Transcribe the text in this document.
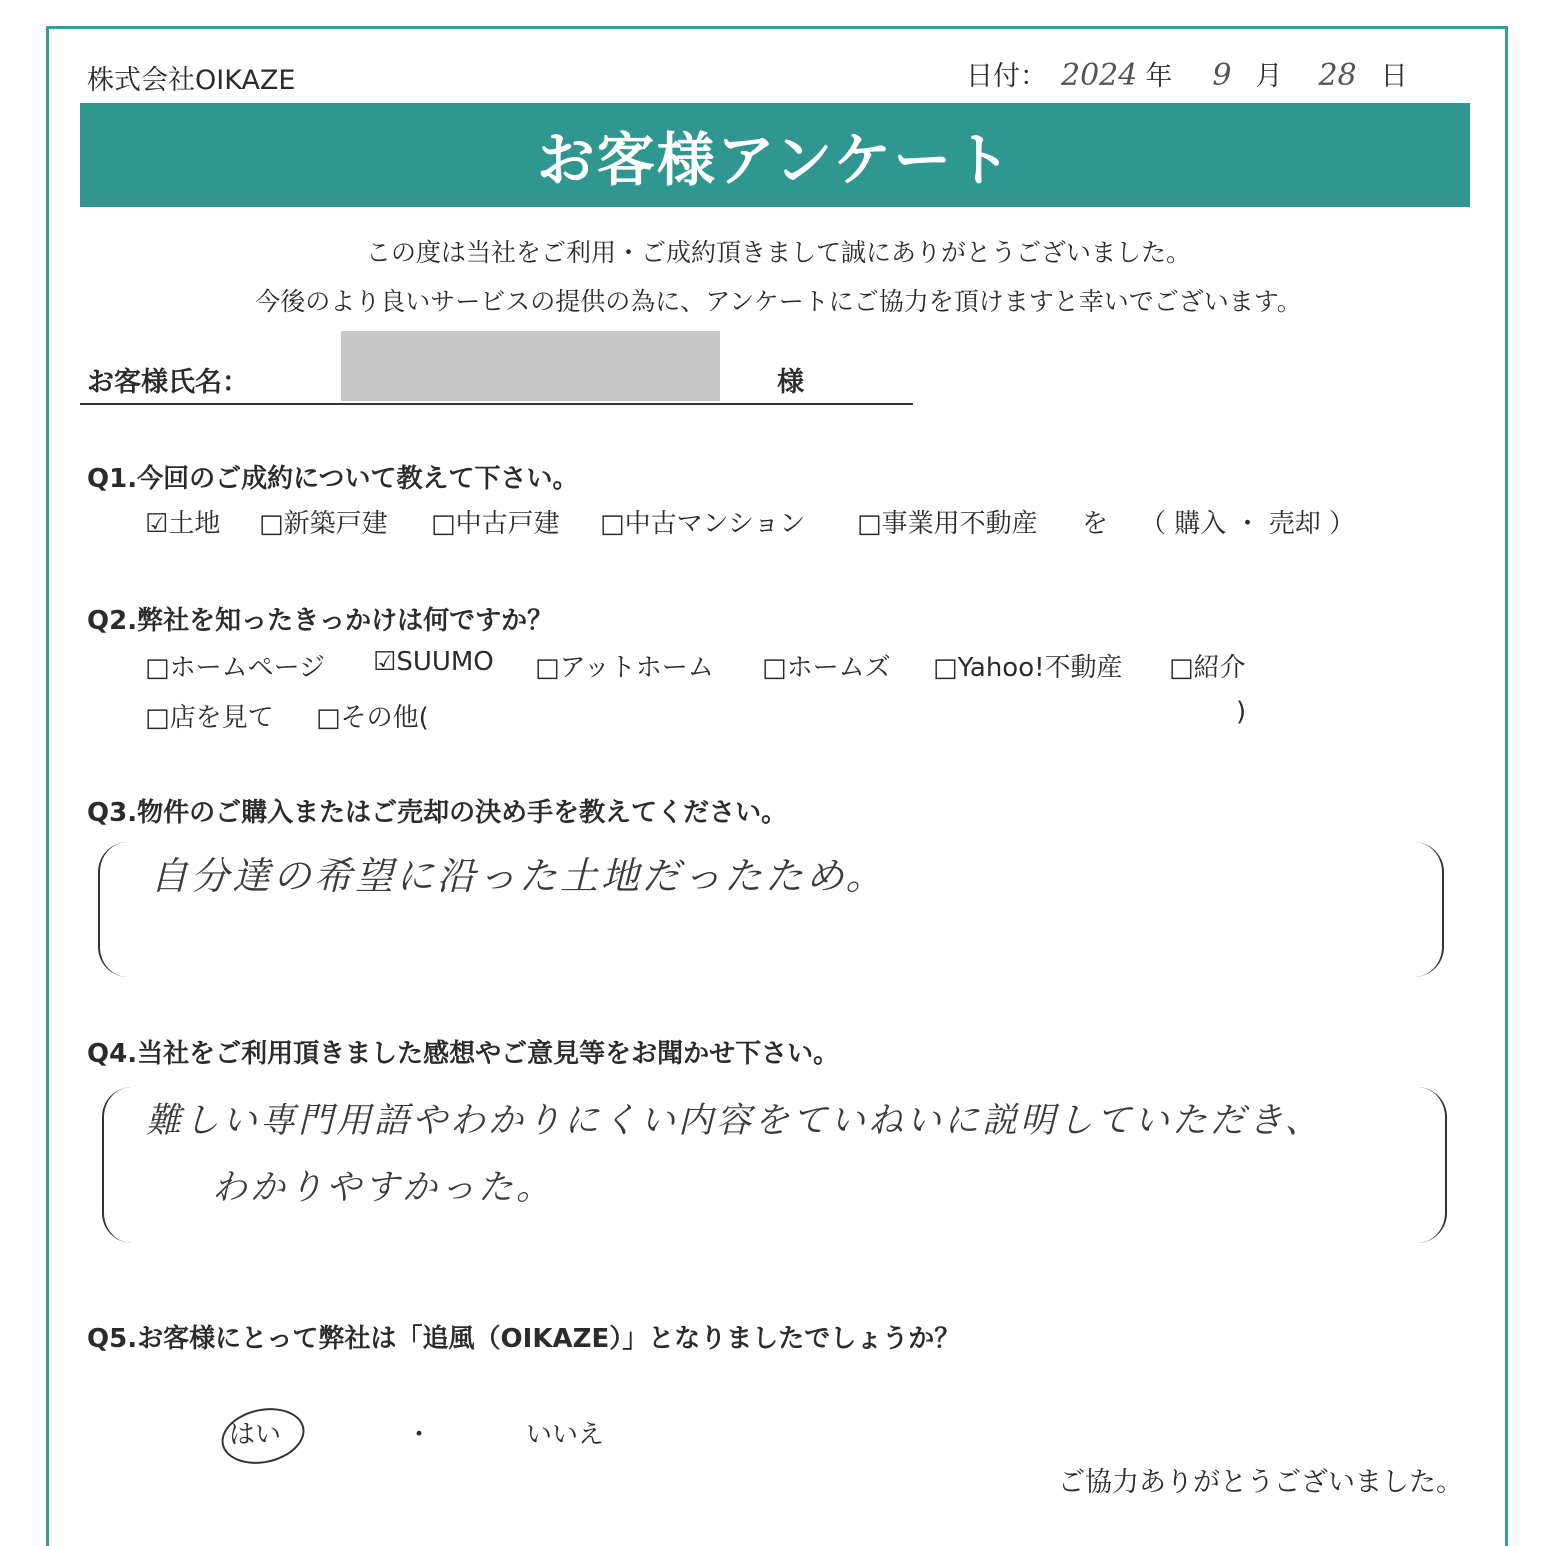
株式会社OIKAZE	日付： 2024 年 9 月 28 日
お客様アンケート
この度は当社をご利用・ご成約頂きまして誠にありがとうございました。
今後のより良いサービスの提供の為に、アンケートにご協力を頂けますと幸いでございます。
お客様氏名：	様
Q1.今回のご成約について教えて下さい。
☑土地 □新築戸建 □中古戸建 □中古マンション □事業用不動産 を （ 購入 ・ 売却 ）
Q2.弊社を知ったきっかけは何ですか？
□ホームページ ☑SUUMO □アットホーム □ホームズ □Yahoo!不動産 □紹介
□店を見て □その他(	)
Q3.物件のご購入またはご売却の決め手を教えてください。
自分達の希望に沿った土地だったため。
Q4.当社をご利用頂きました感想やご意見等をお聞かせ下さい。
難しい専門用語やわかりにくい内容をていねいに説明していただき、
わかりやすかった。
Q5.お客様にとって弊社は「追風（OIKAZE）」となりましたでしょうか？
はい	・	いいえ
ご協力ありがとうございました。
